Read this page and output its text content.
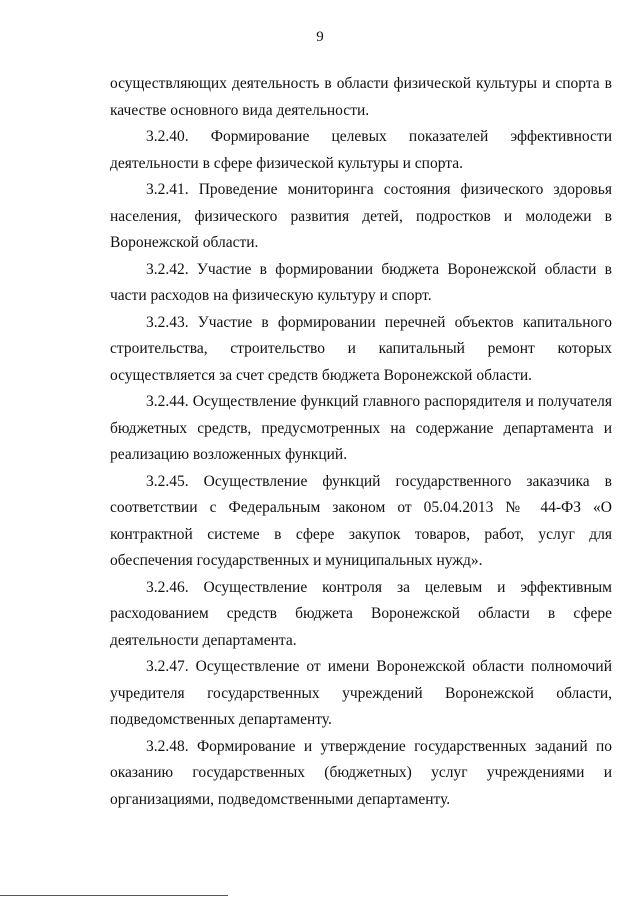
9

осуществляющих деятельность в области физической культуры и спорта в качестве основного вида деятельности.

3.2.40. Формирование целевых показателей эффективности деятельности в сфере физической культуры и спорта.

3.2.41. Проведение мониторинга состояния физического здоровья населения, физического развития детей, подростков и молодежи в Воронежской области.

3.2.42. Участие в формировании бюджета Воронежской области в части расходов на физическую культуру и спорт.

3.2.43. Участие в формировании перечней объектов капитального строительства, строительство и капитальный ремонт которых осуществляется за счет средств бюджета Воронежской области.

3.2.44. Осуществление функций главного распорядителя и получателя бюджетных средств, предусмотренных на содержание департамента и реализацию возложенных функций.

3.2.45. Осуществление функций государственного заказчика в соответствии с Федеральным законом от 05.04.2013 № 44-ФЗ «О контрактной системе в сфере закупок товаров, работ, услуг для обеспечения государственных и муниципальных нужд».

3.2.46. Осуществление контроля за целевым и эффективным расходованием средств бюджета Воронежской области в сфере деятельности департамента.

3.2.47. Осуществление от имени Воронежской области полномочий учредителя государственных учреждений Воронежской области, подведомственных департаменту.

3.2.48. Формирование и утверждение государственных заданий по оказанию государственных (бюджетных) услуг учреждениями и организациями, подведомственными департаменту.
